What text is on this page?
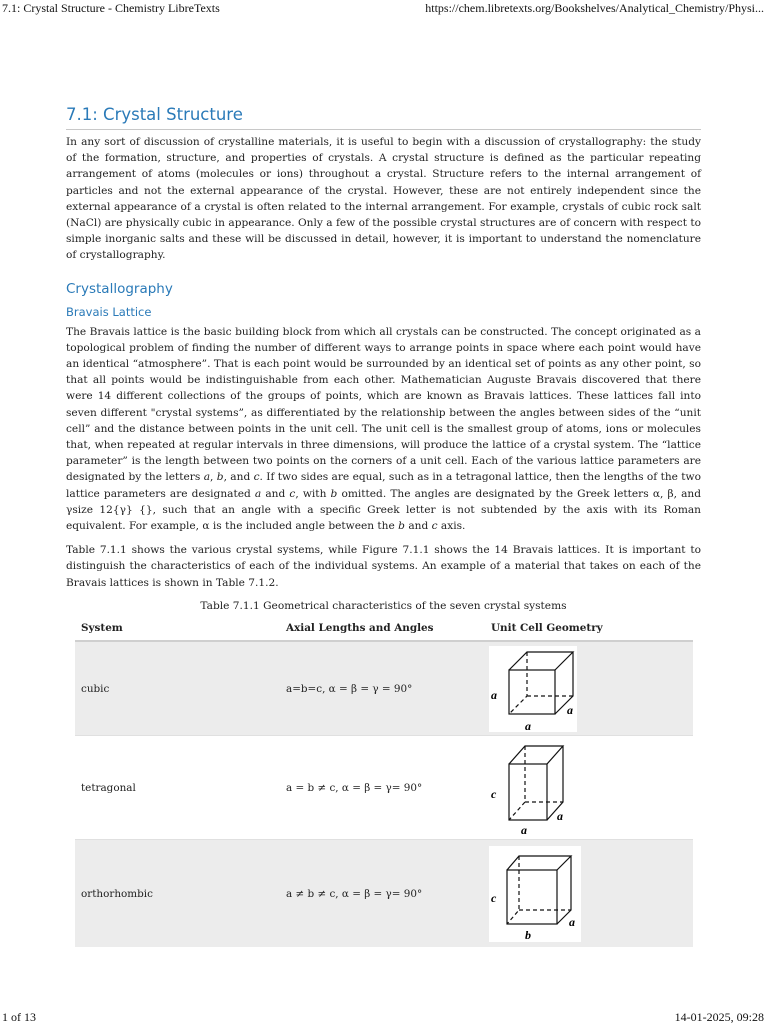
7.1: Crystal Structure - Chemistry LibreTexts	https://chem.libretexts.org/Bookshelves/Analytical_Chemistry/Physi...
7.1: Crystal Structure

In any sort of discussion of crystalline materials, it is useful to begin with a discussion of crystallography: the study of the formation, structure, and properties of crystals. A crystal structure is defined as the particular repeating arrangement of atoms (molecules or ions) throughout a crystal. Structure refers to the internal arrangement of particles and not the external appearance of the crystal. However, these are not entirely independent since the external appearance of a crystal is often related to the internal arrangement. For example, crystals of cubic rock salt (NaCl) are physically cubic in appearance. Only a few of the possible crystal structures are of concern with respect to simple inorganic salts and these will be discussed in detail, however, it is important to understand the nomenclature of crystallography.

Crystallography
Bravais Lattice

The Bravais lattice is the basic building block from which all crystals can be constructed. The concept originated as a topological problem of finding the number of different ways to arrange points in space where each point would have an identical “atmosphere”. That is each point would be surrounded by an identical set of points as any other point, so that all points would be indistinguishable from each other. Mathematician Auguste Bravais discovered that there were 14 different collections of the groups of points, which are known as Bravais lattices. These lattices fall into seven different "crystal systems”, as differentiated by the relationship between the angles between sides of the “unit cell” and the distance between points in the unit cell. The unit cell is the smallest group of atoms, ions or molecules that, when repeated at regular intervals in three dimensions, will produce the lattice of a crystal system. The “lattice parameter” is the length between two points on the corners of a unit cell. Each of the various lattice parameters are designated by the letters a, b, and c. If two sides are equal, such as in a tetragonal lattice, then the lengths of the two lattice parameters are designated a and c, with b omitted. The angles are designated by the Greek letters α, β, and γsize 12{γ} {}, such that an angle with a specific Greek letter is not subtended by the axis with its Roman equivalent. For example, α is the included angle between the b and c axis.

Table 7.1.1 shows the various crystal systems, while Figure 7.1.1 shows the 14 Bravais lattices. It is important to distinguish the characteristics of each of the individual systems. An example of a material that takes on each of the Bravais lattices is shown in Table 7.1.2.

Table 7.1.1 Geometrical characteristics of the seven crystal systems
System	Axial Lengths and Angles	Unit Cell Geometry
cubic	a=b=c, α = β = γ = 90°	a
a
a

tetragonal	a = b ≠ c, α = β = γ= 90°	c
a
a

orthorhombic	a ≠ b ≠ c, α = β = γ= 90°	c
a
b
1 of 13	14-01-2025, 09:28
